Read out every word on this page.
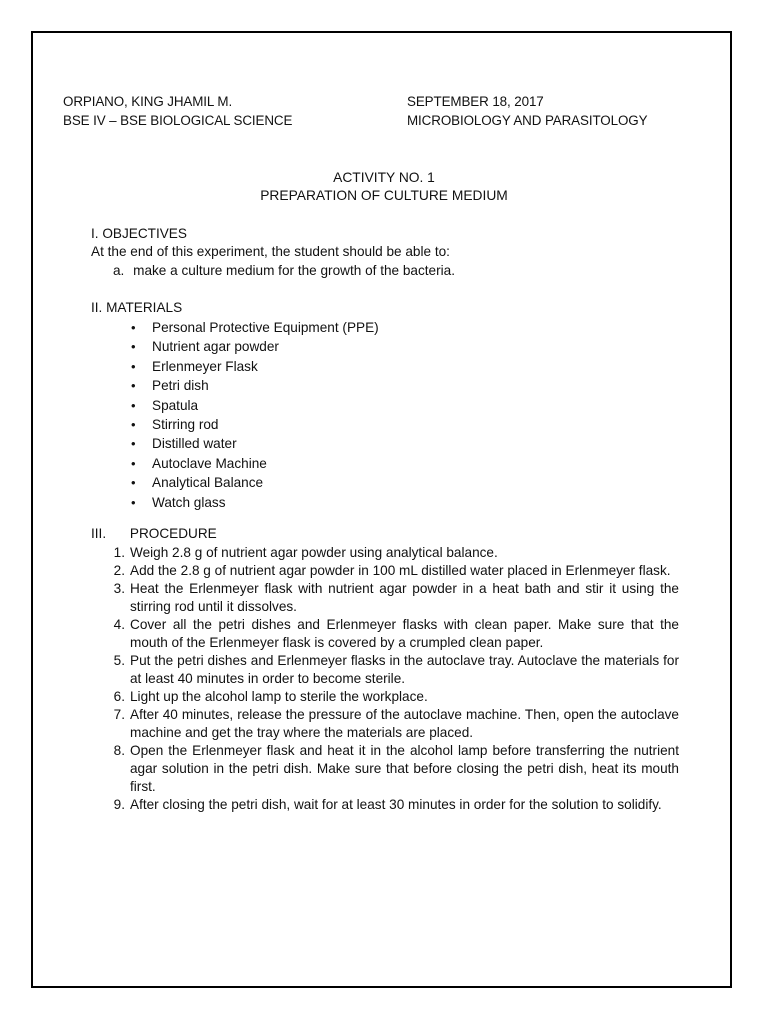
ORPIANO, KING JHAMIL M.
BSE IV – BSE BIOLOGICAL SCIENCE
SEPTEMBER 18, 2017
MICROBIOLOGY AND PARASITOLOGY
ACTIVITY NO. 1
PREPARATION OF CULTURE MEDIUM
I. OBJECTIVES
At the end of this experiment, the student should be able to:
a. make a culture medium for the growth of the bacteria.
II. MATERIALS
• Personal Protective Equipment (PPE)
• Nutrient agar powder
• Erlenmeyer Flask
• Petri dish
• Spatula
• Stirring rod
• Distilled water
• Autoclave Machine
• Analytical Balance
• Watch glass
III. PROCEDURE
1. Weigh 2.8 g of nutrient agar powder using analytical balance.
2. Add the 2.8 g of nutrient agar powder in 100 mL distilled water placed in Erlenmeyer flask.
3. Heat the Erlenmeyer flask with nutrient agar powder in a heat bath and stir it using the stirring rod until it dissolves.
4. Cover all the petri dishes and Erlenmeyer flasks with clean paper. Make sure that the mouth of the Erlenmeyer flask is covered by a crumpled clean paper.
5. Put the petri dishes and Erlenmeyer flasks in the autoclave tray. Autoclave the materials for at least 40 minutes in order to become sterile.
6. Light up the alcohol lamp to sterile the workplace.
7. After 40 minutes, release the pressure of the autoclave machine. Then, open the autoclave machine and get the tray where the materials are placed.
8. Open the Erlenmeyer flask and heat it in the alcohol lamp before transferring the nutrient agar solution in the petri dish. Make sure that before closing the petri dish, heat its mouth first.
9. After closing the petri dish, wait for at least 30 minutes in order for the solution to solidify.
